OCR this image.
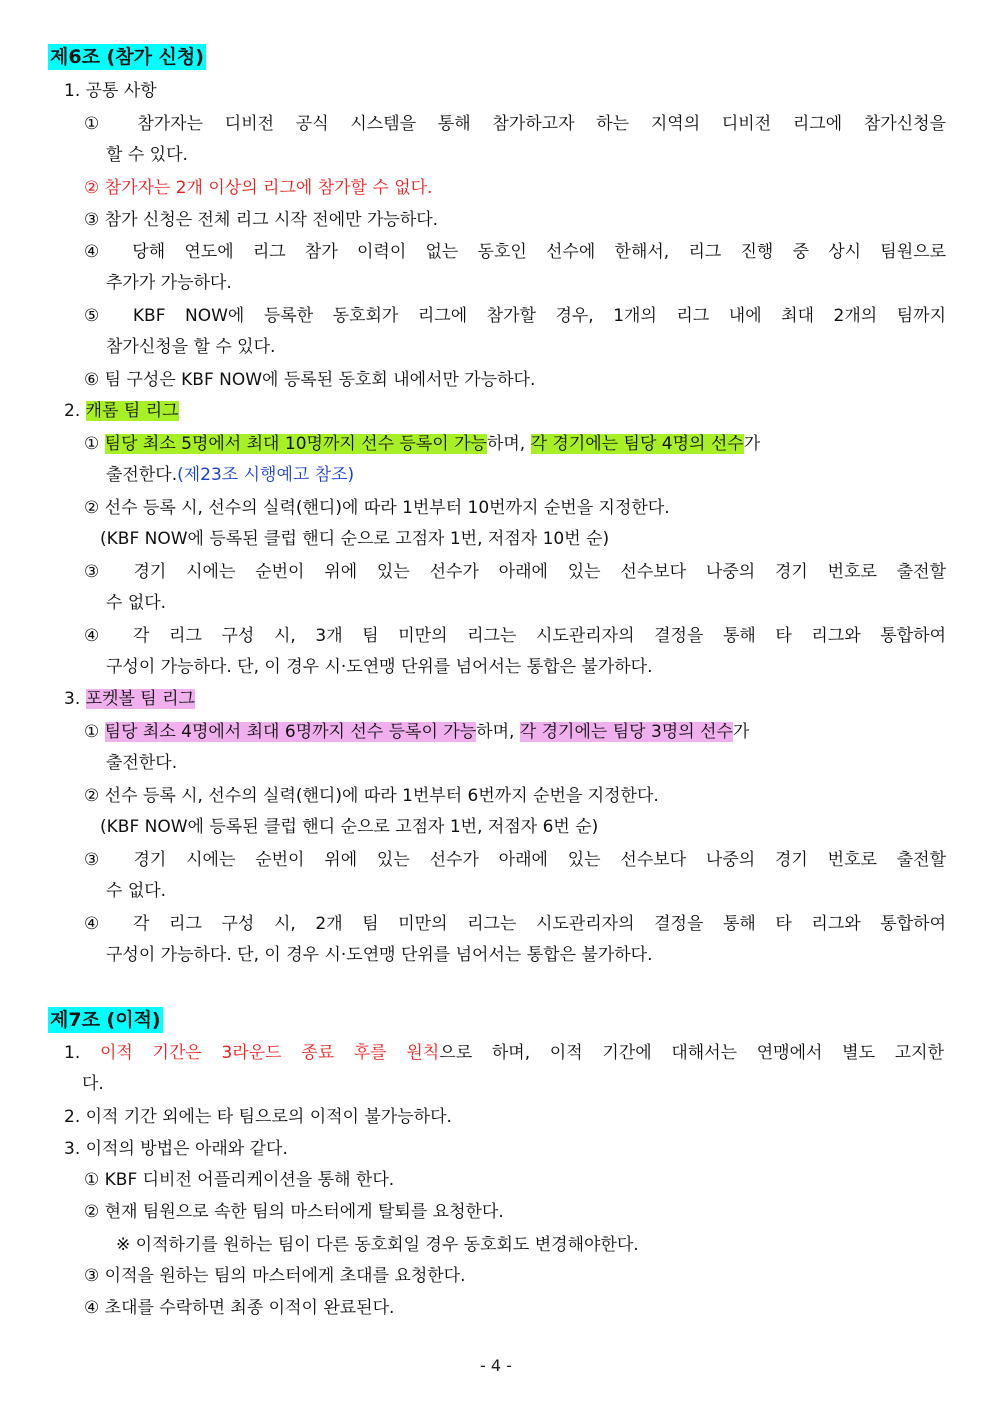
제6조 (참가 신청)
1. 공통 사항
① 참가자는 디비전 공식 시스템을 통해 참가하고자 하는 지역의 디비전 리그에 참가신청을
할 수 있다.
② 참가자는 2개 이상의 리그에 참가할 수 없다.
③ 참가 신청은 전체 리그 시작 전에만 가능하다.
④ 당해 연도에 리그 참가 이력이 없는 동호인 선수에 한해서, 리그 진행 중 상시 팀원으로
추가가 가능하다.
⑤ KBF NOW에 등록한 동호회가 리그에 참가할 경우, 1개의 리그 내에 최대 2개의 팀까지
참가신청을 할 수 있다.
⑥ 팀 구성은 KBF NOW에 등록된 동호회 내에서만 가능하다.
2. 캐롬 팀 리그
① 팀당 최소 5명에서 최대 10명까지 선수 등록이 가능하며, 각 경기에는 팀당 4명의 선수가
출전한다.(제23조 시행예고 참조)
② 선수 등록 시, 선수의 실력(핸디)에 따라 1번부터 10번까지 순번을 지정한다.
(KBF NOW에 등록된 클럽 핸디 순으로 고점자 1번, 저점자 10번 순)
③ 경기 시에는 순번이 위에 있는 선수가 아래에 있는 선수보다 나중의 경기 번호로 출전할
수 없다.
④ 각 리그 구성 시, 3개 팀 미만의 리그는 시도관리자의 결정을 통해 타 리그와 통합하여
구성이 가능하다. 단, 이 경우 시·도연맹 단위를 넘어서는 통합은 불가하다.
3. 포켓볼 팀 리그
① 팀당 최소 4명에서 최대 6명까지 선수 등록이 가능하며, 각 경기에는 팀당 3명의 선수가
출전한다.
② 선수 등록 시, 선수의 실력(핸디)에 따라 1번부터 6번까지 순번을 지정한다.
(KBF NOW에 등록된 클럽 핸디 순으로 고점자 1번, 저점자 6번 순)
③ 경기 시에는 순번이 위에 있는 선수가 아래에 있는 선수보다 나중의 경기 번호로 출전할
수 없다.
④ 각 리그 구성 시, 2개 팀 미만의 리그는 시도관리자의 결정을 통해 타 리그와 통합하여
구성이 가능하다. 단, 이 경우 시·도연맹 단위를 넘어서는 통합은 불가하다.
제7조 (이적)
1. 이적 기간은 3라운드 종료 후를 원칙으로 하며, 이적 기간에 대해서는 연맹에서 별도 고지한
다.
2. 이적 기간 외에는 타 팀으로의 이적이 불가능하다.
3. 이적의 방법은 아래와 같다.
① KBF 디비전 어플리케이션을 통해 한다.
② 현재 팀원으로 속한 팀의 마스터에게 탈퇴를 요청한다.
※ 이적하기를 원하는 팀이 다른 동호회일 경우 동호회도 변경해야한다.
③ 이적을 원하는 팀의 마스터에게 초대를 요청한다.
④ 초대를 수락하면 최종 이적이 완료된다.
- 4 -
